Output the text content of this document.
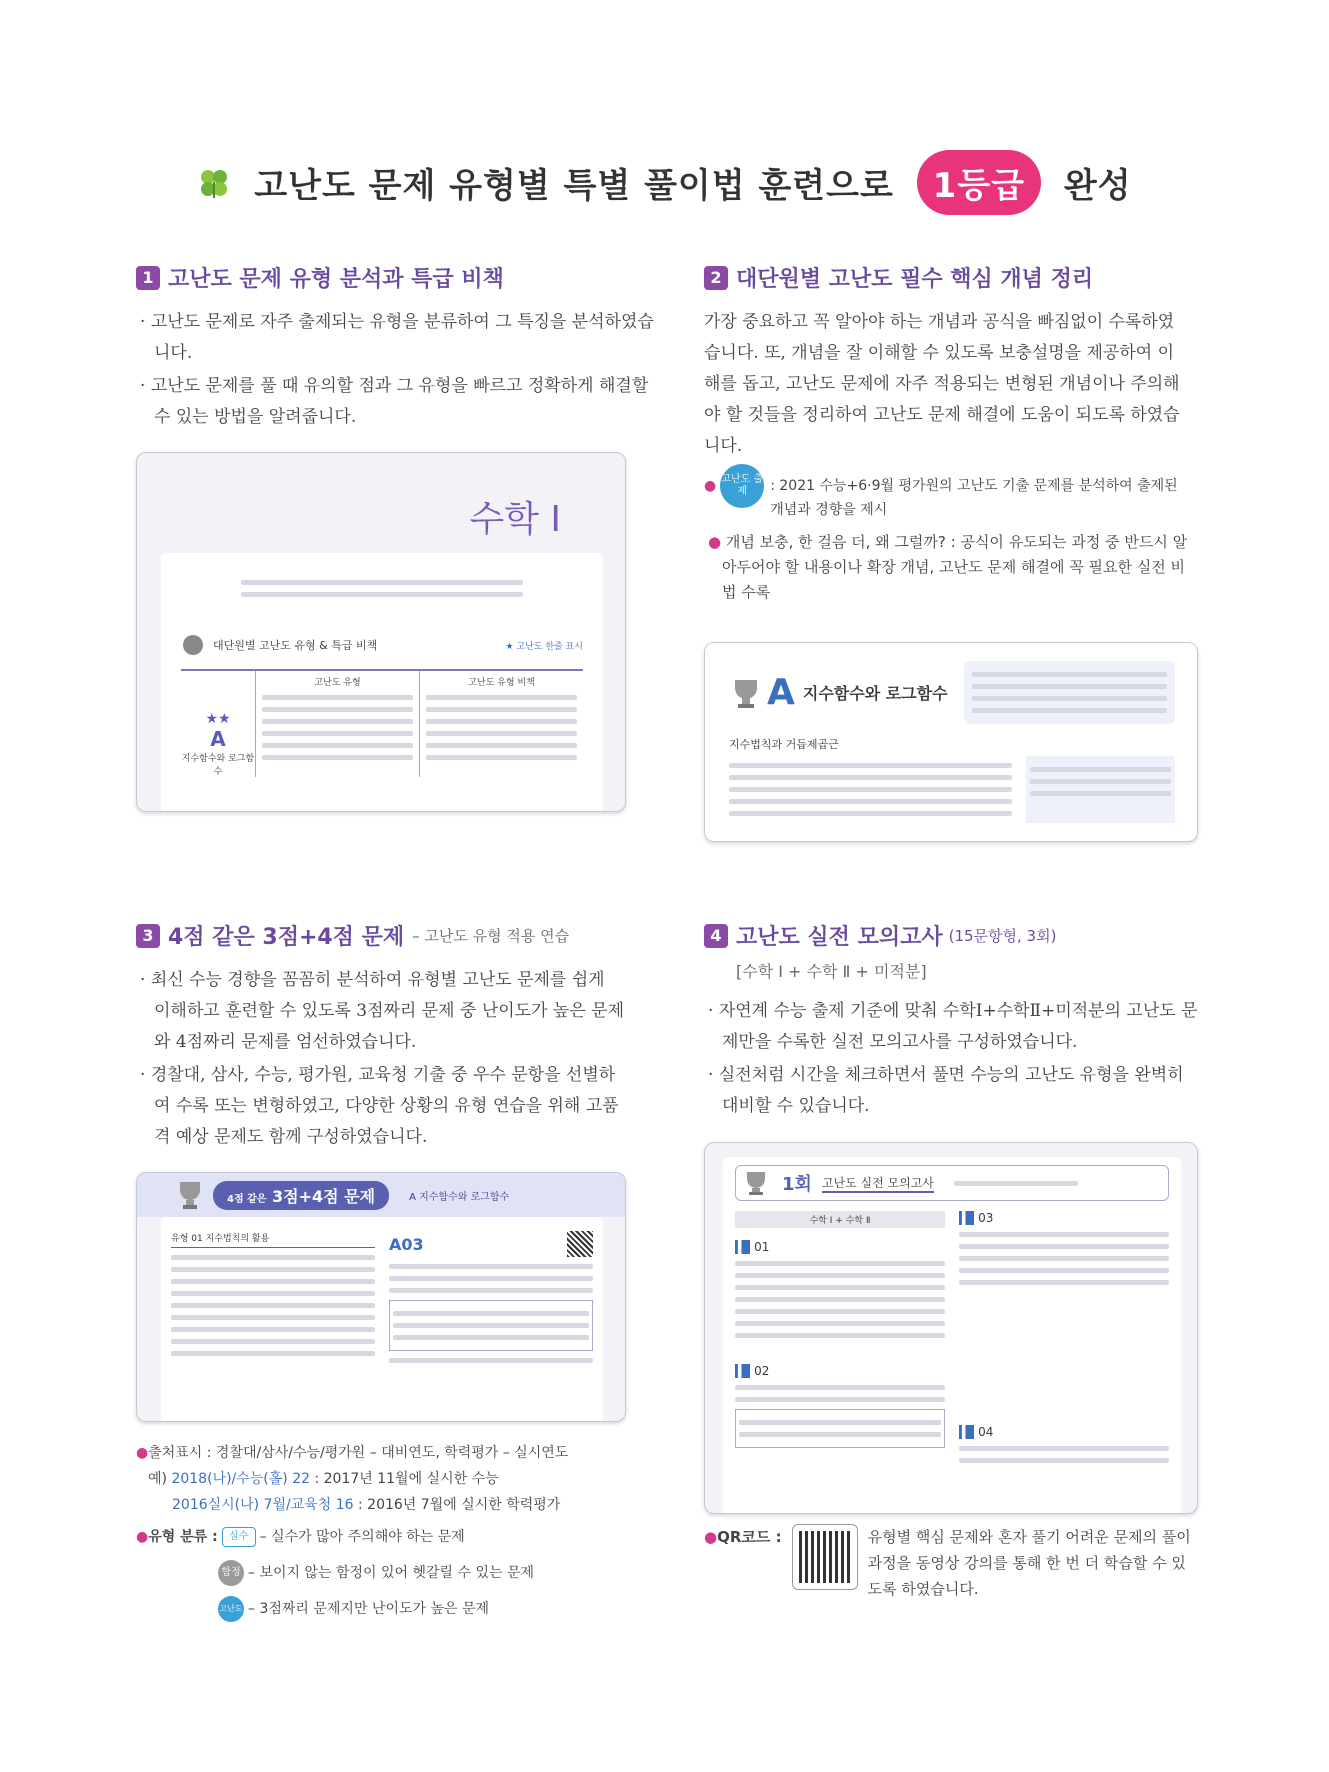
고난도 문제 유형별 특별 풀이법 훈련으로 1등급 완성
1 고난도 문제 유형 분석과 특급 비책
· 고난도 문제로 자주 출제되는 유형을 분류하여 그 특징을 분석하였습니다.
· 고난도 문제를 풀 때 유의할 점과 그 유형을 빠르고 정확하게 해결할 수 있는 방법을 알려줍니다.
수학 Ⅰ
대단원별 고난도 유형 & 특급 비책	★ 고난도 한줄 표시
★★
A
지수함수와 로그함수
고난도 유형	고난도 유형 비책
2 대단원별 고난도 필수 핵심 개념 정리
가장 중요하고 꼭 알아야 하는 개념과 공식을 빠짐없이 수록하였습니다. 또, 개념을 잘 이해할 수 있도록 보충설명을 제공하여 이해를 돕고, 고난도 문제에 자주 적용되는 변형된 개념이나 주의해야 할 것들을 정리하여 고난도 문제 해결에 도움이 되도록 하였습니다.
● 고난도 출제	: 2021 수능+6·9월 평가원의 고난도 기출 문제를 분석하여 출제된 개념과 경향을 제시
● 개념 보충, 한 걸음 더, 왜 그럴까? : 공식이 유도되는 과정 중 반드시 알아두어야 할 내용이나 확장 개념, 고난도 문제 해결에 꼭 필요한 실전 비법 수록
A 지수함수와 로그함수
지수법칙과 거듭제곱근
3 4점 같은 3점+4점 문제 – 고난도 유형 적용 연습
· 최신 수능 경향을 꼼꼼히 분석하여 유형별 고난도 문제를 쉽게 이해하고 훈련할 수 있도록 3점짜리 문제 중 난이도가 높은 문제와 4점짜리 문제를 엄선하였습니다.
· 경찰대, 삼사, 수능, 평가원, 교육청 기출 중 우수 문항을 선별하여 수록 또는 변형하였고, 다양한 상황의 유형 연습을 위해 고품격 예상 문제도 함께 구성하였습니다.
4점 같은 3점+4점 문제	A 지수함수와 로그함수
유형 01 지수법칙의 활용	A03
●출처표시 : 경찰대/삼사/수능/평가원 – 대비연도, 학력평가 – 실시연도
예) 2018(나)/수능(홀) 22 : 2017년 11월에 실시한 수능
2016실시(나) 7월/교육청 16 : 2016년 7월에 실시한 학력평가
● 유형 분류 :	실수 – 실수가 많아 주의해야 하는 문제
함정 – 보이지 않는 함정이 있어 헷갈릴 수 있는 문제
고난도 – 3점짜리 문제지만 난이도가 높은 문제
4 고난도 실전 모의고사 (15문항형, 3회)
[수학 Ⅰ + 수학 Ⅱ + 미적분]
· 자연계 수능 출제 기준에 맞춰 수학Ⅰ+수학Ⅱ+미적분의 고난도 문제만을 수록한 실전 모의고사를 구성하였습니다.
· 실전처럼 시간을 체크하면서 풀면 수능의 고난도 유형을 완벽히 대비할 수 있습니다.
1회 고난도 실전 모의고사
수학 Ⅰ + 수학 Ⅱ
▍ 01
▍ 02
▍ 03
▍ 04
● QR코드 :	유형별 핵심 문제와 혼자 풀기 어려운 문제의 풀이 과정을 동영상 강의를 통해 한 번 더 학습할 수 있도록 하였습니다.
